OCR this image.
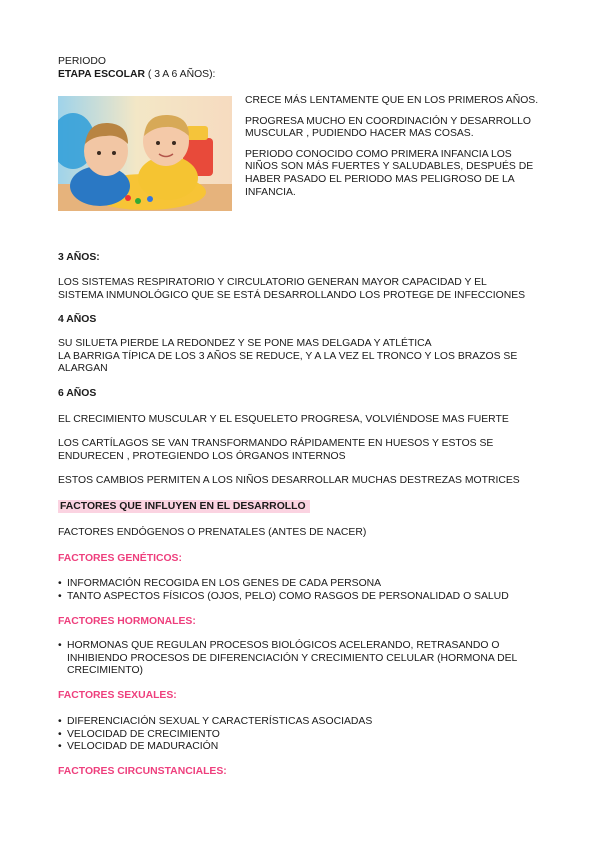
PERIODO
ETAPA ESCOLAR ( 3 A 6 AÑOS):

CRECE MÁS LENTAMENTE QUE EN LOS PRIMEROS AÑOS.

PROGRESA MUCHO EN COORDINACIÓN Y DESARROLLO MUSCULAR , PUDIENDO HACER MAS COSAS.

PERIODO CONOCIDO COMO PRIMERA INFANCIA LOS NIÑOS SON MÁS FUERTES Y SALUDABLES, DESPUÉS DE HABER PASADO EL PERIODO MAS PELIGROSO DE LA INFANCIA.

3 AÑOS:
LOS SISTEMAS RESPIRATORIO Y CIRCULATORIO GENERAN MAYOR CAPACIDAD Y EL
SISTEMA INMUNOLÓGICO QUE SE ESTÁ DESARROLLANDO LOS PROTEGE DE INFECCIONES
4 AÑOS
SU SILUETA PIERDE LA REDONDEZ Y SE PONE MAS DELGADA Y ATLÉTICA
LA BARRIGA TÍPICA DE LOS 3 AÑOS SE REDUCE, Y A LA VEZ EL TRONCO Y LOS BRAZOS SE
ALARGAN
6 AÑOS
EL CRECIMIENTO MUSCULAR Y EL ESQUELETO PROGRESA, VOLVIÉNDOSE MAS FUERTE
LOS CARTÍLAGOS SE VAN TRANSFORMANDO RÁPIDAMENTE EN HUESOS Y ESTOS SE
ENDURECEN , PROTEGIENDO LOS ÓRGANOS INTERNOS
ESTOS CAMBIOS PERMITEN A LOS NIÑOS DESARROLLAR MUCHAS DESTREZAS MOTRICES
FACTORES QUE INFLUYEN EN EL DESARROLLO
FACTORES ENDÓGENOS O PRENATALES (ANTES DE NACER)
FACTORES GENÉTICOS:
• INFORMACIÓN RECOGIDA EN LOS GENES DE CADA PERSONA
• TANTO ASPECTOS FÍSICOS (OJOS, PELO) COMO RASGOS DE PERSONALIDAD O SALUD
FACTORES HORMONALES:
• HORMONAS QUE REGULAN PROCESOS BIOLÓGICOS ACELERANDO, RETRASANDO O
INHIBIENDO PROCESOS DE DIFERENCIACIÓN Y CRECIMIENTO CELULAR (HORMONA DEL
CRECIMIENTO)
FACTORES SEXUALES:
• DIFERENCIACIÓN SEXUAL Y CARACTERÍSTICAS ASOCIADAS
• VELOCIDAD DE CRECIMIENTO
• VELOCIDAD DE MADURACIÓN
FACTORES CIRCUNSTANCIALES:
